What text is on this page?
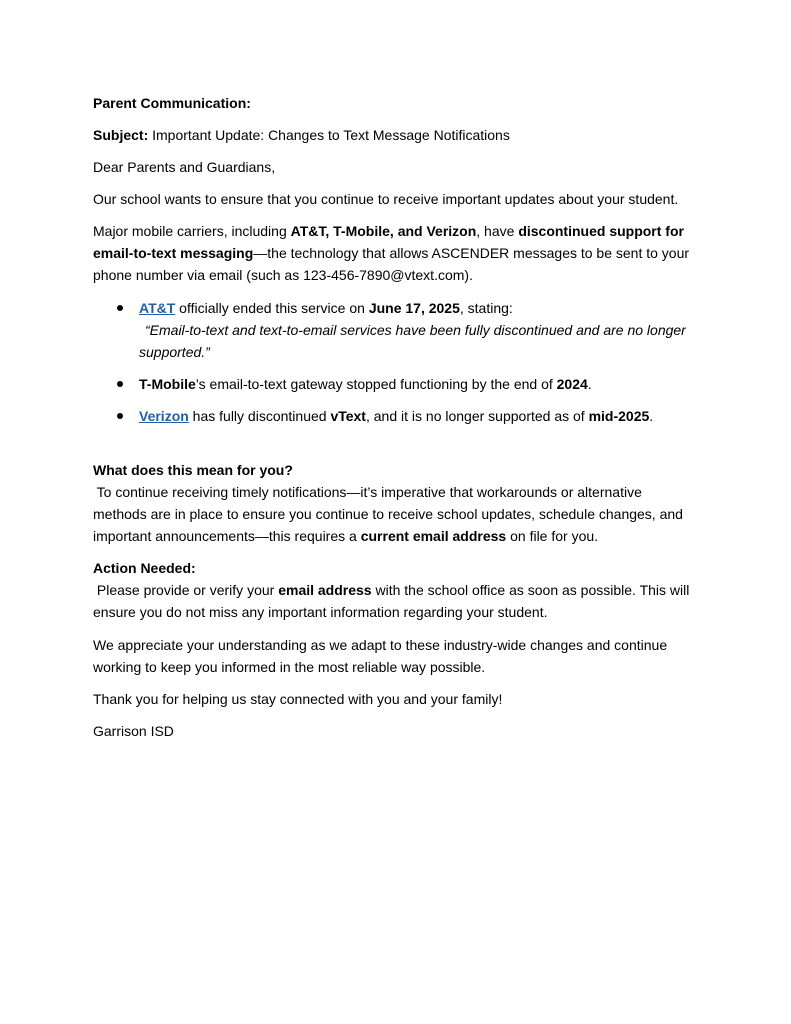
Parent Communication:
Subject: Important Update: Changes to Text Message Notifications
Dear Parents and Guardians,
Our school wants to ensure that you continue to receive important updates about your student.
Major mobile carriers, including AT&T, T-Mobile, and Verizon, have discontinued support for
email-to-text messaging—the technology that allows ASCENDER messages to be sent to your
phone number via email (such as 123-456-7890@vtext.com).
AT&T officially ended this service on June 17, 2025, stating:
“Email-to-text and text-to-email services have been fully discontinued and are no longer
supported.”
T-Mobile’s email-to-text gateway stopped functioning by the end of 2024.
Verizon has fully discontinued vText, and it is no longer supported as of mid-2025.
What does this mean for you?
To continue receiving timely notifications—it’s imperative that workarounds or alternative
methods are in place to ensure you continue to receive school updates, schedule changes, and
important announcements—this requires a current email address on file for you.
Action Needed:
Please provide or verify your email address with the school office as soon as possible. This will
ensure you do not miss any important information regarding your student.
We appreciate your understanding as we adapt to these industry-wide changes and continue
working to keep you informed in the most reliable way possible.
Thank you for helping us stay connected with you and your family!
Garrison ISD
